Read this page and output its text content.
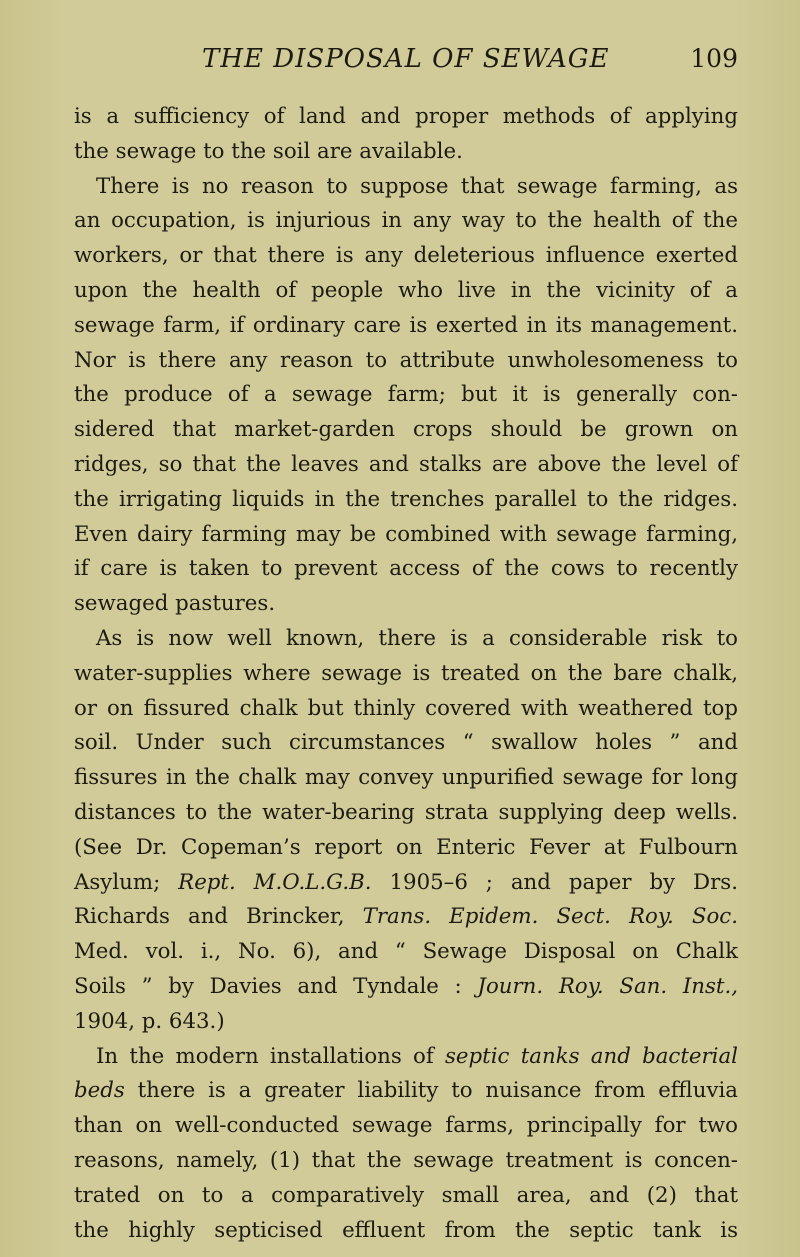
THE DISPOSAL OF SEWAGE	109
is a sufficiency of land and proper methods of applying
the sewage to the soil are available.
There is no reason to suppose that sewage farming, as
an occupation, is injurious in any way to the health of the
workers, or that there is any deleterious influence exerted
upon the health of people who live in the vicinity of a
sewage farm, if ordinary care is exerted in its management.
Nor is there any reason to attribute unwholesomeness to
the produce of a sewage farm; but it is generally con-
sidered that market-garden crops should be grown on
ridges, so that the leaves and stalks are above the level of
the irrigating liquids in the trenches parallel to the ridges.
Even dairy farming may be combined with sewage farming,
if care is taken to prevent access of the cows to recently
sewaged pastures.
As is now well known, there is a considerable risk to
water-supplies where sewage is treated on the bare chalk,
or on fissured chalk but thinly covered with weathered top
soil. Under such circumstances “ swallow holes ” and
fissures in the chalk may convey unpurified sewage for long
distances to the water-bearing strata supplying deep wells.
(See Dr. Copeman’s report on Enteric Fever at Fulbourn
Asylum; Rept. M.O.L.G.B. 1905–6 ; and paper by Drs.
Richards and Brincker, Trans. Epidem. Sect. Roy. Soc.
Med. vol. i., No. 6), and “ Sewage Disposal on Chalk
Soils ” by Davies and Tyndale : Journ. Roy. San. Inst.,
1904, p. 643.)
In the modern installations of septic tanks and bacterial
beds there is a greater liability to nuisance from effluvia
than on well-conducted sewage farms, principally for two
reasons, namely, (1) that the sewage treatment is concen-
trated on to a comparatively small area, and (2) that
the highly septicised effluent from the septic tank is
